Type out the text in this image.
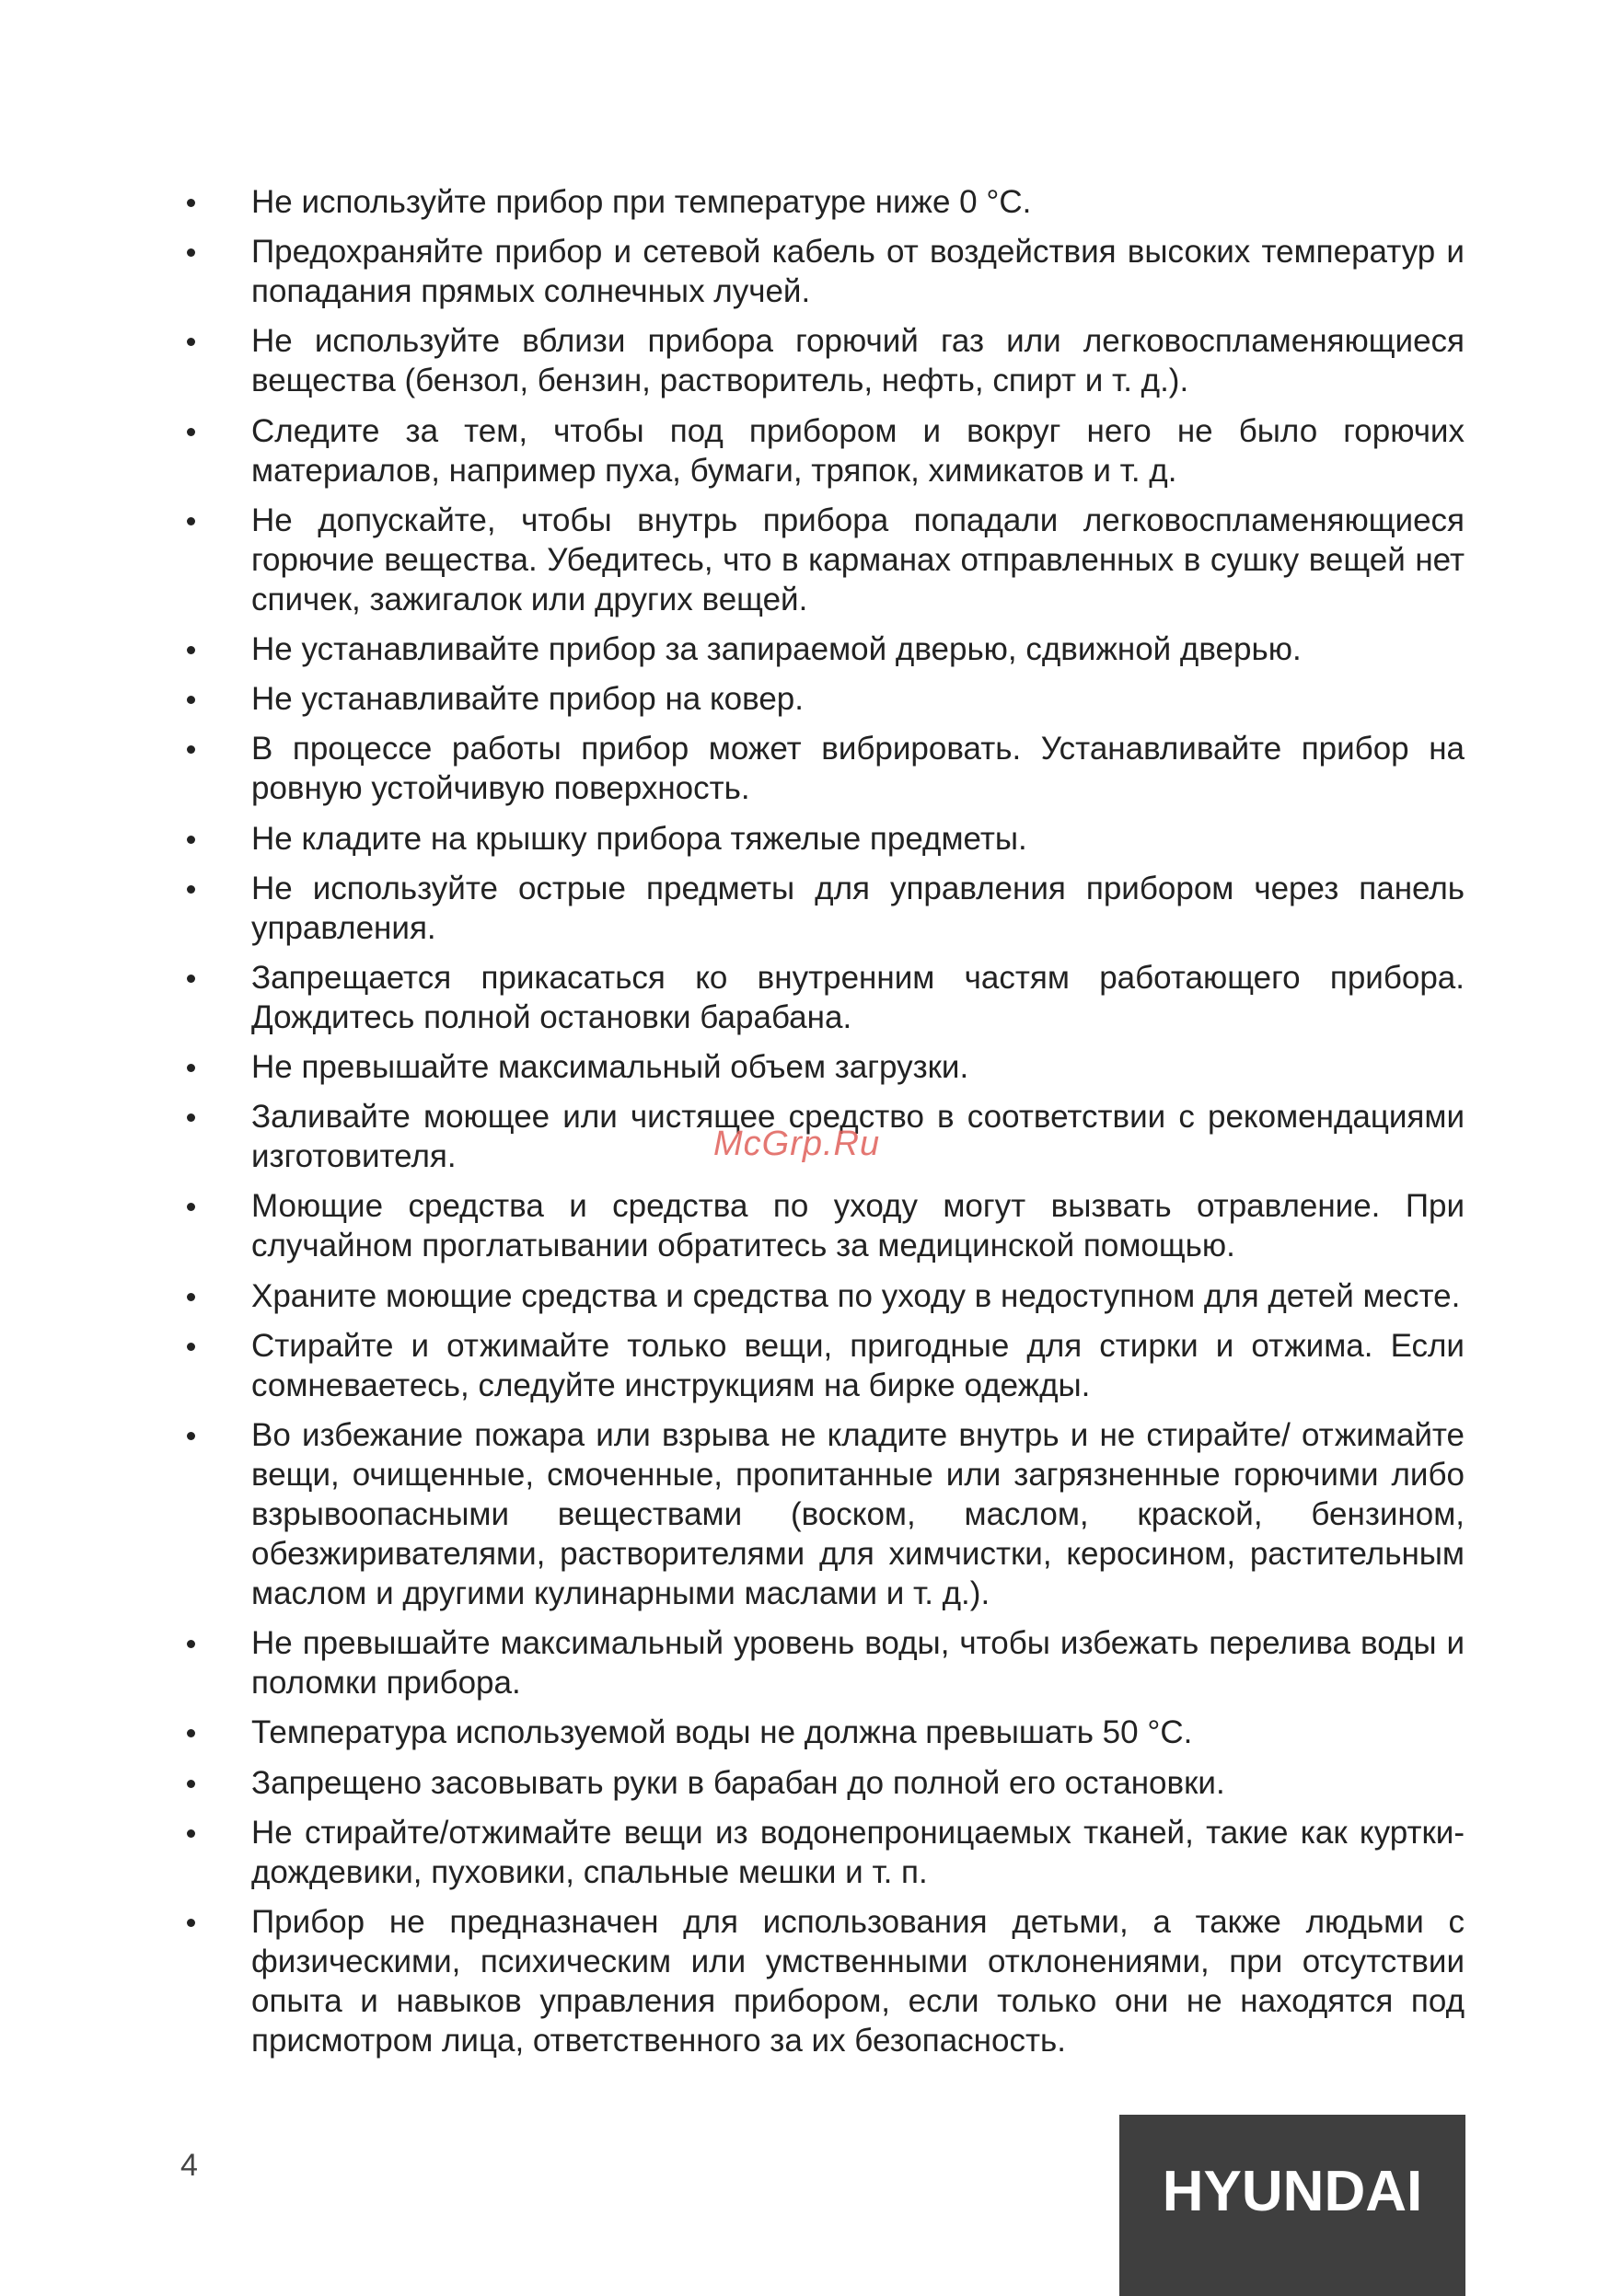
Не используйте прибор при температуре ниже 0 °C.
Предохраняйте прибор и сетевой кабель от воздействия высоких температур и попадания прямых солнечных лучей.
Не используйте вблизи прибора горючий газ или легковоспламеняющиеся вещества (бензол, бензин, растворитель, нефть, спирт и т. д.).
Следите за тем, чтобы под прибором и вокруг него не было горючих материалов, например пуха, бумаги, тряпок, химикатов и т. д.
Не допускайте, чтобы внутрь прибора попадали легковоспламеняющиеся горючие вещества. Убедитесь, что в карманах отправленных в сушку вещей нет спичек, зажигалок или других вещей.
Не устанавливайте прибор за запираемой дверью, сдвижной дверью.
Не устанавливайте прибор на ковер.
В процессе работы прибор может вибрировать. Устанавливайте прибор на ровную устойчивую поверхность.
Не кладите на крышку прибора тяжелые предметы.
Не используйте острые предметы для управления прибором через панель управления.
Запрещается прикасаться ко внутренним частям работающего прибора. Дождитесь полной остановки барабана.
Не превышайте максимальный объем загрузки.
Заливайте моющее или чистящее средство в соответствии с рекомендациями изготовителя.
Моющие средства и средства по уходу могут вызвать отравление. При случайном проглатывании обратитесь за медицинской помощью.
Храните моющие средства и средства по уходу в недоступном для детей месте.
Стирайте и отжимайте только вещи, пригодные для стирки и отжима. Если сомневаетесь, следуйте инструкциям на бирке одежды.
Во избежание пожара или взрыва не кладите внутрь и не стирайте/ отжимайте вещи, очищенные, смоченные, пропитанные или загрязненные горючими либо взрывоопасными веществами (воском, маслом, краской, бензином, обезжиривателями, растворителями для химчистки, керосином, растительным маслом и другими кулинарными маслами и т. д.).
Не превышайте максимальный уровень воды, чтобы избежать перелива воды и поломки прибора.
Температура используемой воды не должна превышать 50 °C.
Запрещено засовывать руки в барабан до полной его остановки.
Не стирайте/отжимайте вещи из водонепроницаемых тканей, такие как куртки-дождевики, пуховики, спальные мешки и т. п.
Прибор не предназначен для использования детьми, а также людьми с физическими, психическим или умственными отклонениями, при отсутствии опыта и навыков управления прибором, если только они не находятся под присмотром лица, ответственного за их безопасность.
McGrp.Ru
4	HYUNDAI
